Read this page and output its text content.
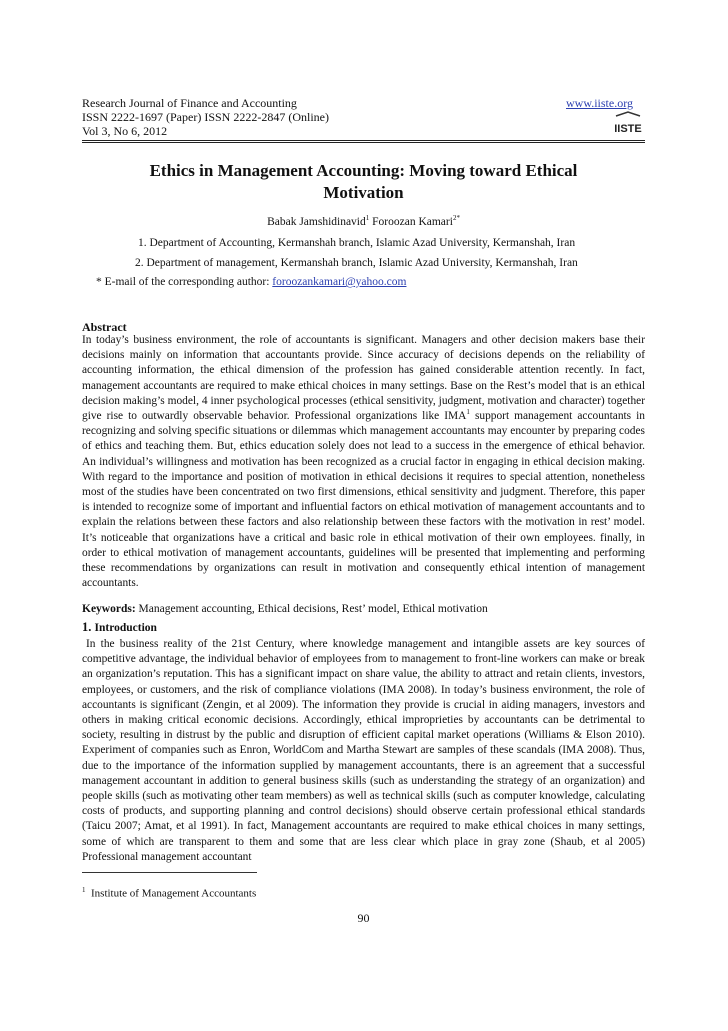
Research Journal of Finance and Accounting
ISSN 2222-1697 (Paper) ISSN 2222-2847 (Online)
Vol 3, No 6, 2012
www.iiste.org
IISTE
Ethics in Management Accounting: Moving toward Ethical
Motivation
Babak Jamshidinavid$^1$ Foroozan Kamari$^{2*}$
1. Department of Accounting, Kermanshah branch, Islamic Azad University, Kermanshah, Iran
2. Department of management, Kermanshah branch, Islamic Azad University, Kermanshah, Iran
* E-mail of the corresponding author: foroozankamari@yahoo.com
Abstract
In today’s business environment, the role of accountants is significant. Managers and other decision makers base their decisions mainly on information that accountants provide. Since accuracy of decisions depends on the reliability of accounting information, the ethical dimension of the profession has gained considerable attention recently. In fact, management accountants are required to make ethical choices in many settings. Base on the Rest’s model that is an ethical decision making’s model, 4 inner psychological processes (ethical sensitivity, judgment, motivation and character) together give rise to outwardly observable behavior. Professional organizations like IMA$^1$ support management accountants in recognizing and solving specific situations or dilemmas which management accountants may encounter by preparing codes of ethics and teaching them. But, ethics education solely does not lead to a success in the emergence of ethical behavior. An individual’s willingness and motivation has been recognized as a crucial factor in engaging in ethical decision making. With regard to the importance and position of motivation in ethical decisions it requires to special attention, nonetheless most of the studies have been concentrated on two first dimensions, ethical sensitivity and judgment. Therefore, this paper is intended to recognize some of important and influential factors on ethical motivation of management accountants and to explain the relations between these factors and also relationship between these factors with the motivation in rest’ model. It’s noticeable that organizations have a critical and basic role in ethical motivation of their own employees. finally, in order to ethical motivation of management accountants, guidelines will be presented that implementing and performing these recommendations by organizations can result in motivation and consequently ethical intention of management accountants.
Keywords: Management accounting, Ethical decisions, Rest’ model, Ethical motivation
1. Introduction
In the business reality of the 21st Century, where knowledge management and intangible assets are key sources of competitive advantage, the individual behavior of employees from to management to front-line workers can make or break an organization’s reputation. This has a significant impact on share value, the ability to attract and retain clients, investors, employees, or customers, and the risk of compliance violations (IMA 2008). In today’s business environment, the role of accountants is significant (Zengin, et al 2009). The information they provide is crucial in aiding managers, investors and others in making critical economic decisions. Accordingly, ethical improprieties by accountants can be detrimental to society, resulting in distrust by the public and disruption of efficient capital market operations (Williams & Elson 2010). Experiment of companies such as Enron, WorldCom and Martha Stewart are samples of these scandals (IMA 2008). Thus, due to the importance of the information supplied by management accountants, there is an agreement that a successful management accountant in addition to general business skills (such as understanding the strategy of an organization) and people skills (such as motivating other team members) as well as technical skills (such as computer knowledge, calculating costs of products, and supporting planning and control decisions) should observe certain professional ethical standards (Taicu 2007; Amat, et al 1991). In fact, Management accountants are required to make ethical choices in many settings, some of which are transparent to them and some that are less clear which place in gray zone (Shaub, et al 2005) Professional management accountant
$^1$ Institute of Management Accountants
90
